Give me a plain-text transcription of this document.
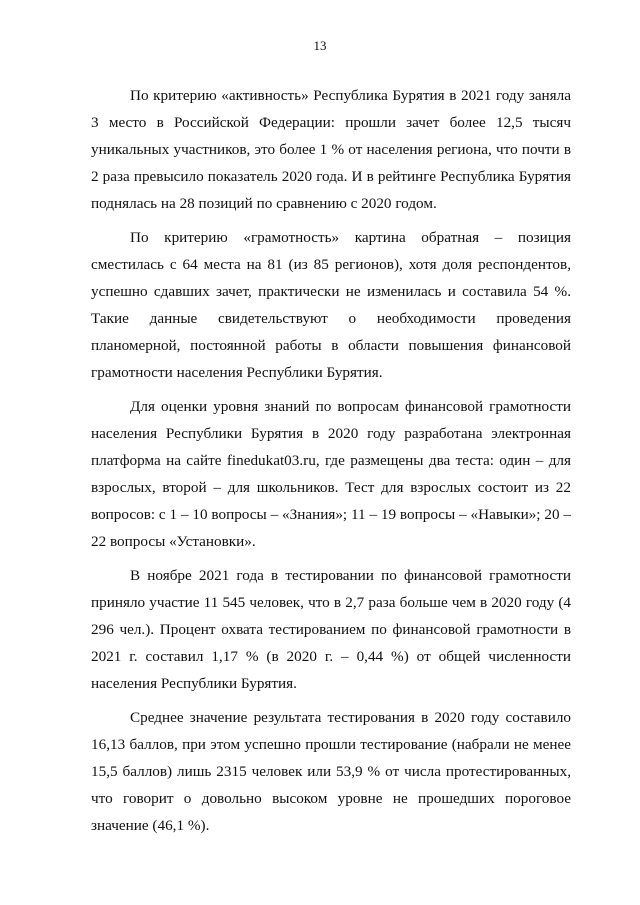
13

По критерию «активность» Республика Бурятия в 2021 году заняла 3 место в Российской Федерации: прошли зачет более 12,5 тысяч уникальных участников, это более 1 % от населения региона, что почти в 2 раза превысило показатель 2020 года. И в рейтинге Республика Бурятия поднялась на 28 позиций по сравнению с 2020 годом.

По критерию «грамотность» картина обратная – позиция сместилась с 64 места на 81 (из 85 регионов), хотя доля респондентов, успешно сдавших зачет, практически не изменилась и составила 54 %. Такие данные свидетельствуют о необходимости проведения планомерной, постоянной работы в области повышения финансовой грамотности населения Республики Бурятия.

Для оценки уровня знаний по вопросам финансовой грамотности населения Республики Бурятия в 2020 году разработана электронная платформа на сайте finedukat03.ru, где размещены два теста: один – для взрослых, второй – для школьников. Тест для взрослых состоит из 22 вопросов: с 1 – 10 вопросы – «Знания»; 11 – 19 вопросы – «Навыки»; 20 – 22 вопросы «Установки».

В ноябре 2021 года в тестировании по финансовой грамотности приняло участие 11 545 человек, что в 2,7 раза больше чем в 2020 году (4 296 чел.). Процент охвата тестированием по финансовой грамотности в 2021 г. составил 1,17 % (в 2020 г. – 0,44 %) от общей численности населения Республики Бурятия.

Среднее значение результата тестирования в 2020 году составило 16,13 баллов, при этом успешно прошли тестирование (набрали не менее 15,5 баллов) лишь 2315 человек или 53,9 % от числа протестированных, что говорит о довольно высоком уровне не прошедших пороговое значение (46,1 %).
